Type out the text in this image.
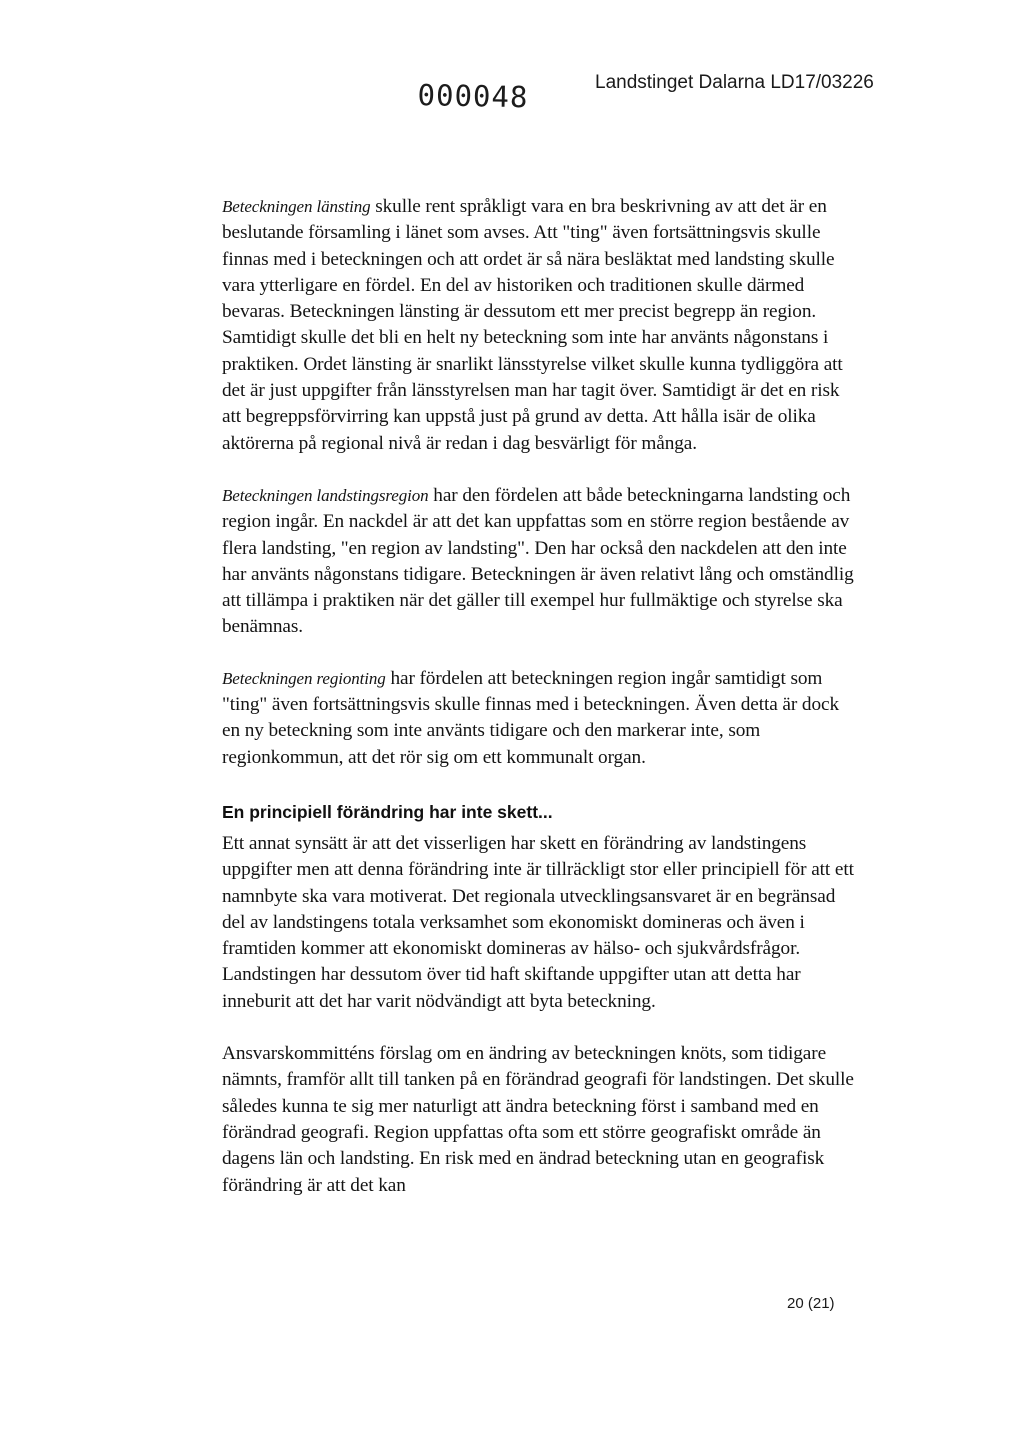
000048	Landstinget Dalarna LD17/03226

Beteckningen länsting skulle rent språkligt vara en bra beskrivning av att det är en beslutande församling i länet som avses. Att "ting" även fortsättningsvis skulle finnas med i beteckningen och att ordet är så nära besläktat med landsting skulle vara ytterligare en fördel. En del av historiken och traditionen skulle därmed bevaras. Beteckningen länsting är dessutom ett mer precist begrepp än region. Samtidigt skulle det bli en helt ny beteckning som inte har använts någonstans i praktiken. Ordet länsting är snarlikt länsstyrelse vilket skulle kunna tydliggöra att det är just uppgifter från länsstyrelsen man har tagit över. Samtidigt är det en risk att begreppsförvirring kan uppstå just på grund av detta. Att hålla isär de olika aktörerna på regional nivå är redan i dag besvärligt för många.

Beteckningen landstingsregion har den fördelen att både beteckningarna landsting och region ingår. En nackdel är att det kan uppfattas som en större region bestående av flera landsting, "en region av landsting". Den har också den nackdelen att den inte har använts någonstans tidigare. Beteckningen är även relativt lång och omständlig att tillämpa i praktiken när det gäller till exempel hur fullmäktige och styrelse ska benämnas.

Beteckningen regionting har fördelen att beteckningen region ingår samtidigt som "ting" även fortsättningsvis skulle finnas med i beteckningen. Även detta är dock en ny beteckning som inte använts tidigare och den markerar inte, som regionkommun, att det rör sig om ett kommunalt organ.

En principiell förändring har inte skett...

Ett annat synsätt är att det visserligen har skett en förändring av landstingens uppgifter men att denna förändring inte är tillräckligt stor eller principiell för att ett namnbyte ska vara motiverat. Det regionala utvecklingsansvaret är en begränsad del av landstingens totala verksamhet som ekonomiskt domineras och även i framtiden kommer att ekonomiskt domineras av hälso- och sjukvårdsfrågor. Landstingen har dessutom över tid haft skiftande uppgifter utan att detta har inneburit att det har varit nödvändigt att byta beteckning.

Ansvarskommitténs förslag om en ändring av beteckningen knöts, som tidigare nämnts, framför allt till tanken på en förändrad geografi för landstingen. Det skulle således kunna te sig mer naturligt att ändra beteckning först i samband med en förändrad geografi. Region uppfattas ofta som ett större geografiskt område än dagens län och landsting. En risk med en ändrad beteckning utan en geografisk förändring är att det kan

20 (21)
